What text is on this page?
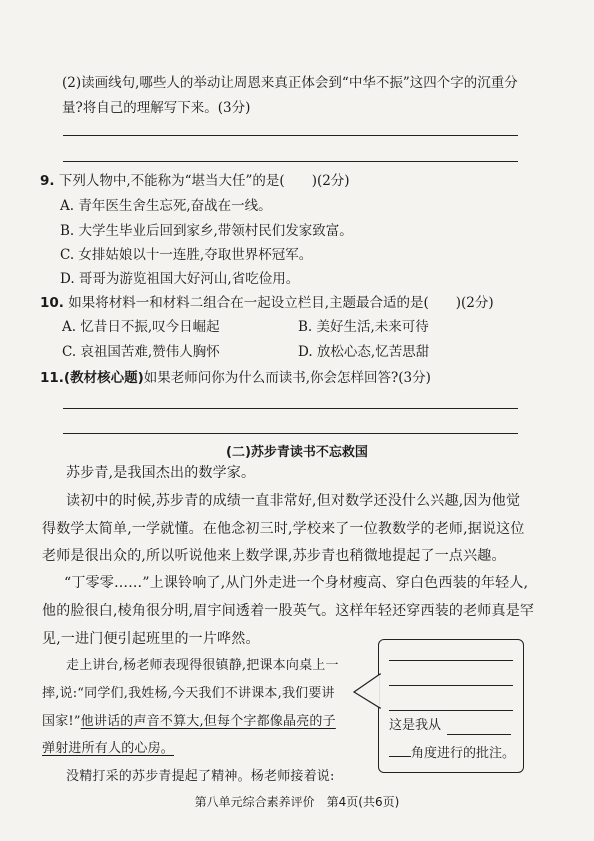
(2)读画线句,哪些人的举动让周恩来真正体会到“中华不振”这四个字的沉重分
量?将自己的理解写下来。(3分)
9. 下列人物中,不能称为“堪当大任”的是(　　)(2分)
A. 青年医生舍生忘死,奋战在一线。
B. 大学生毕业后回到家乡,带领村民们发家致富。
C. 女排姑娘以十一连胜,夺取世界杯冠军。
D. 哥哥为游览祖国大好河山,省吃俭用。
10. 如果将材料一和材料二组合在一起设立栏目,主题最合适的是(　　)(2分)
A. 忆昔日不振,叹今日崛起	B. 美好生活,未来可待
C. 哀祖国苦难,赞伟人胸怀	D. 放松心态,忆苦思甜
11.(教材核心题)如果老师问你为什么而读书,你会怎样回答?(3分)
(二)苏步青读书不忘救国
苏步青,是我国杰出的数学家。
读初中的时候,苏步青的成绩一直非常好,但对数学还没什么兴趣,因为他觉
得数学太简单,一学就懂。在他念初三时,学校来了一位教数学的老师,据说这位
老师是很出众的,所以听说他来上数学课,苏步青也稍微地提起了一点兴趣。
“丁零零……”上课铃响了,从门外走进一个身材瘦高、穿白色西装的年轻人,
他的脸很白,棱角很分明,眉宇间透着一股英气。这样年轻还穿西装的老师真是罕
见,一进门便引起班里的一片哗然。
走上讲台,杨老师表现得很镇静,把课本向桌上一
摔,说:“同学们,我姓杨,今天我们不讲课本,我们要讲
国家!”他讲话的声音不算大,但每个字都像晶亮的子
弹射进所有人的心房。
没精打采的苏步青提起了精神。杨老师接着说:
这是我从
角度进行的批注。
第八单元综合素养评价　第4页(共6页)
